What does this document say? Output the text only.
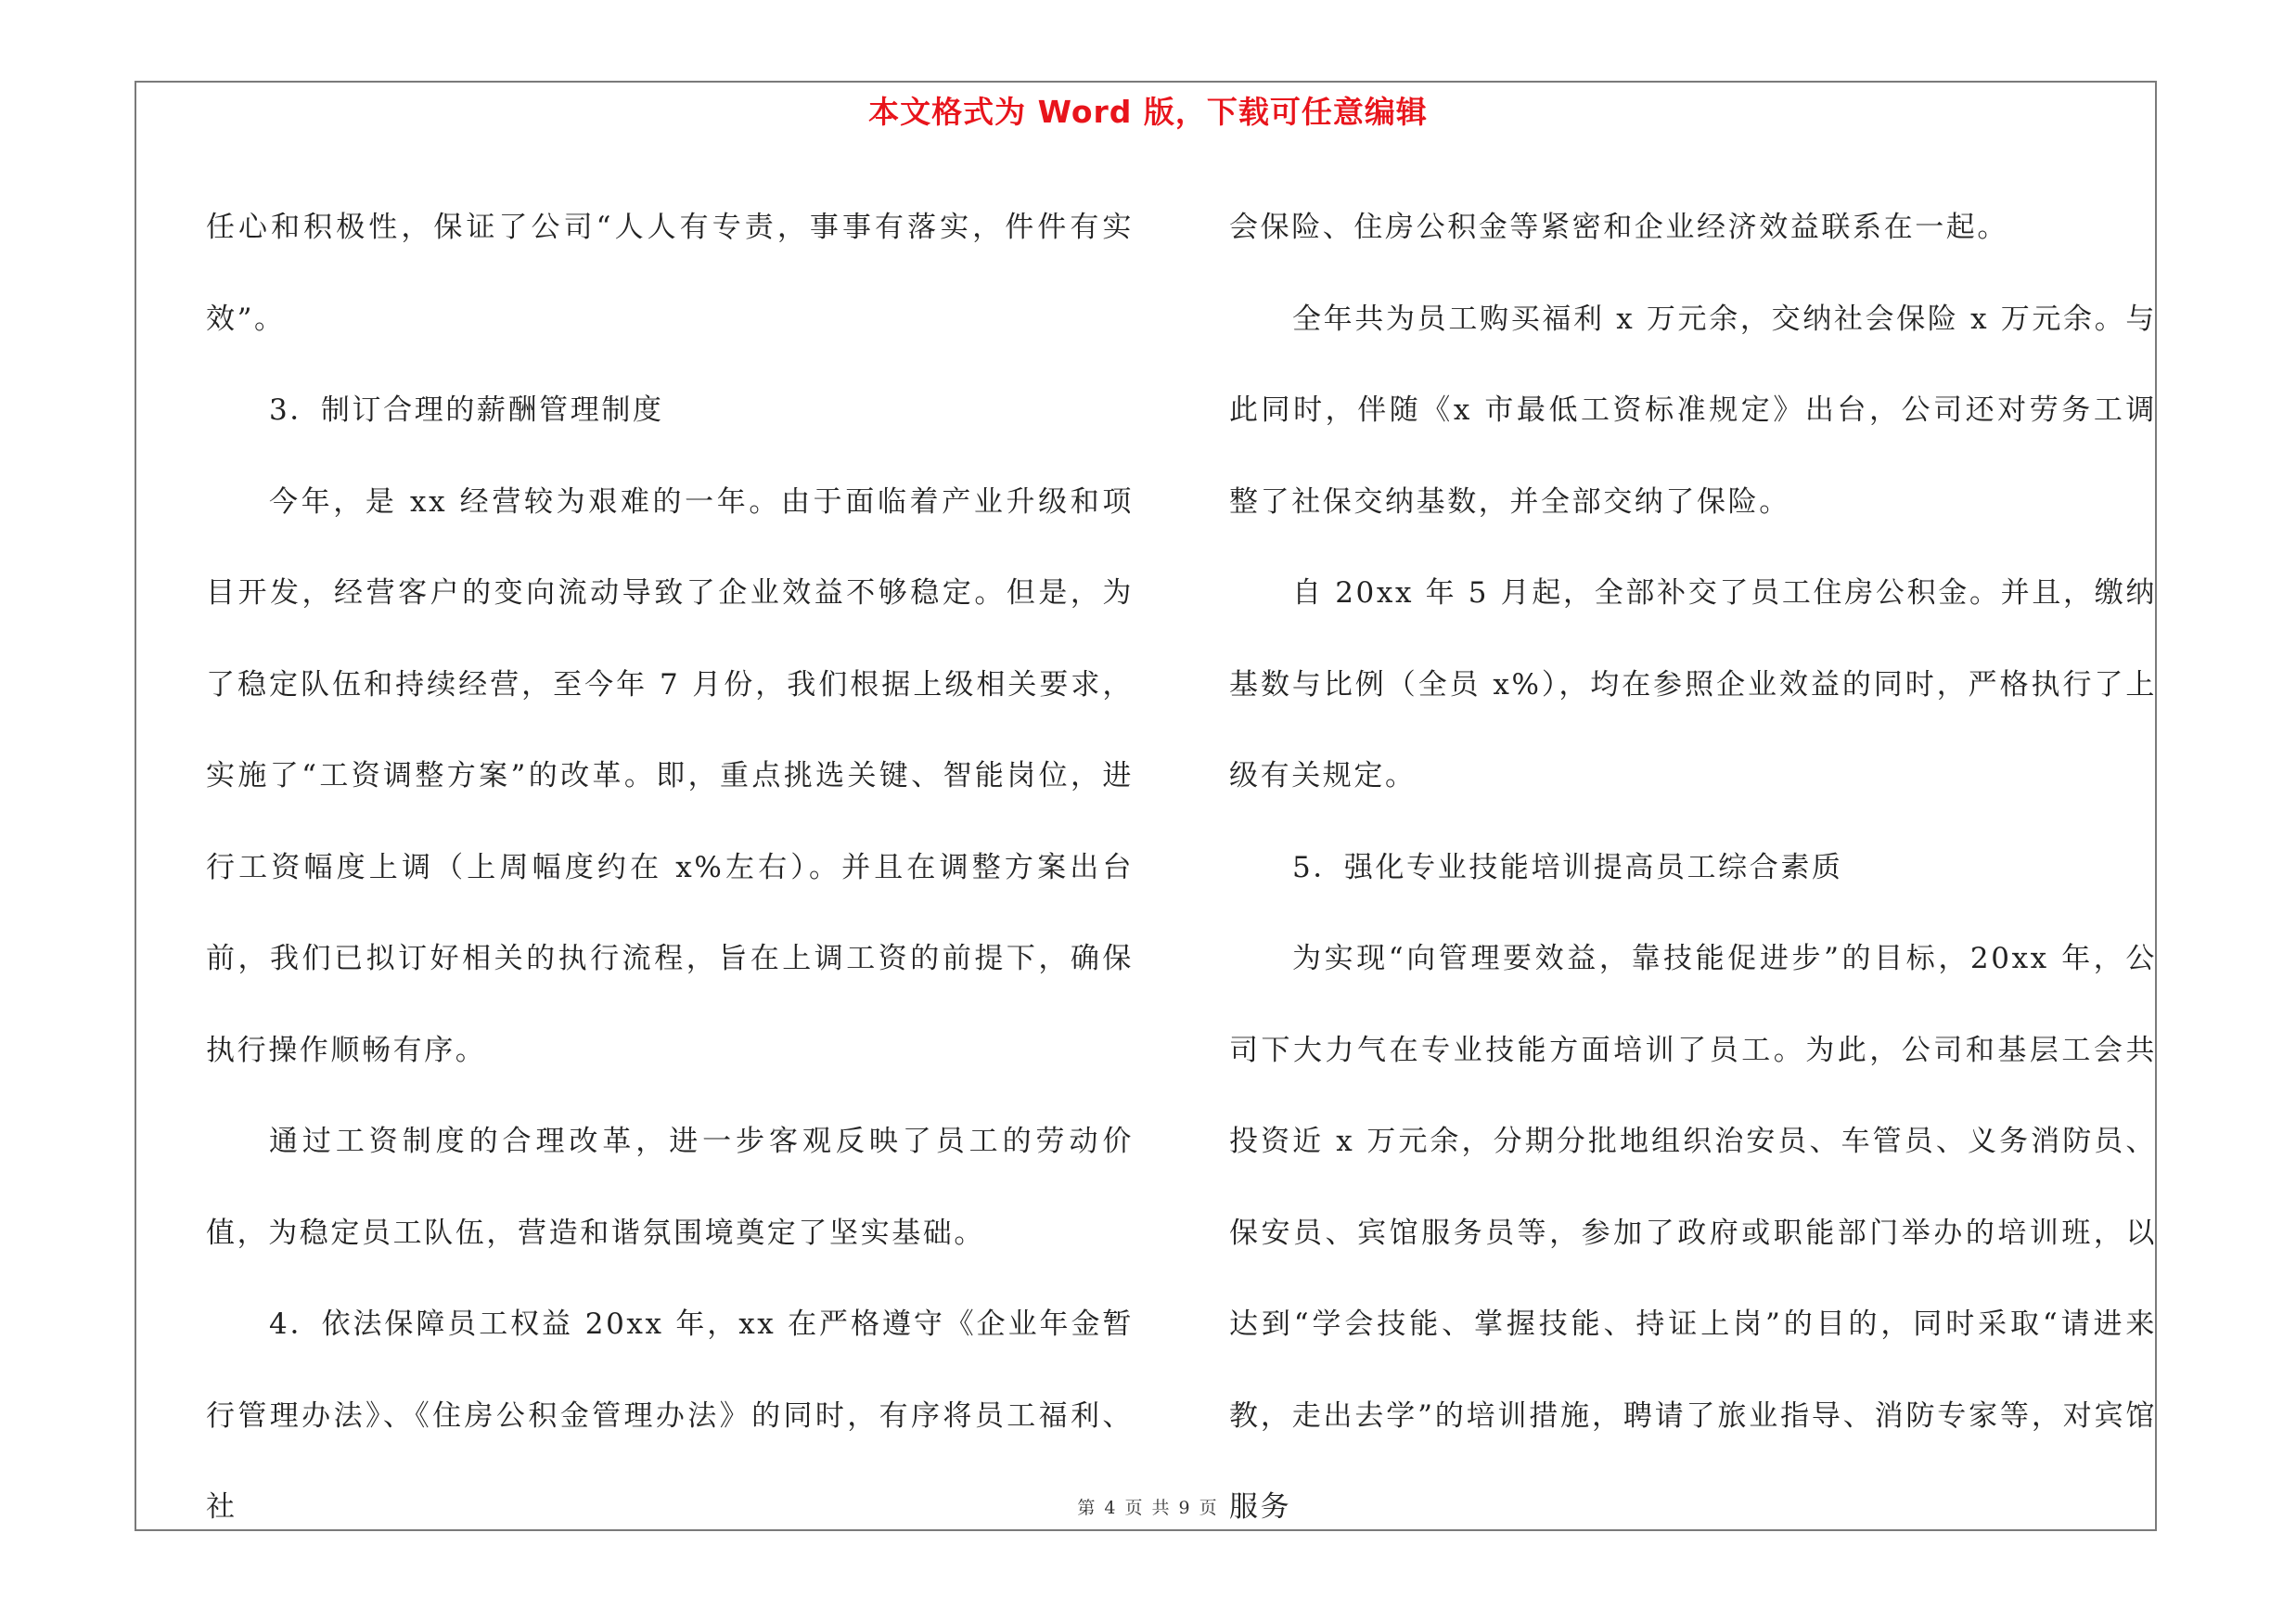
本文格式为 Word 版，下载可任意编辑

任心和积极性，保证了公司“人人有专责，事事有落实，件件有实效”。

3．制订合理的薪酬管理制度

今年，是 xx 经营较为艰难的一年。由于面临着产业升级和项目开发，经营客户的变向流动导致了企业效益不够稳定。但是，为了稳定队伍和持续经营，至今年 7 月份，我们根据上级相关要求，实施了“工资调整方案”的改革。即，重点挑选关键、智能岗位，进行工资幅度上调（上周幅度约在 x%左右）。并且在调整方案出台前，我们已拟订好相关的执行流程，旨在上调工资的前提下，确保执行操作顺畅有序。

通过工资制度的合理改革，进一步客观反映了员工的劳动价值，为稳定员工队伍，营造和谐氛围境奠定了坚实基础。

4．依法保障员工权益 20xx 年，xx 在严格遵守《企业年金暂行管理办法》、《住房公积金管理办法》的同时，有序将员工福利、社

会保险、住房公积金等紧密和企业经济效益联系在一起。

全年共为员工购买福利 x 万元余，交纳社会保险 x 万元余。与此同时，伴随《x 市最低工资标准规定》出台，公司还对劳务工调整了社保交纳基数，并全部交纳了保险。

自 20xx 年 5 月起，全部补交了员工住房公积金。并且，缴纳基数与比例（全员 x%），均在参照企业效益的同时，严格执行了上级有关规定。

5．强化专业技能培训提高员工综合素质

为实现“向管理要效益，靠技能促进步”的目标，20xx 年，公司下大力气在专业技能方面培训了员工。为此，公司和基层工会共投资近 x 万元余，分期分批地组织治安员、车管员、义务消防员、保安员、宾馆服务员等，参加了政府或职能部门举办的培训班，以达到“学会技能、掌握技能、持证上岗”的目的，同时采取“请进来教，走出去学”的培训措施，聘请了旅业指导、消防专家等，对宾馆服务

第 4 页 共 9 页
